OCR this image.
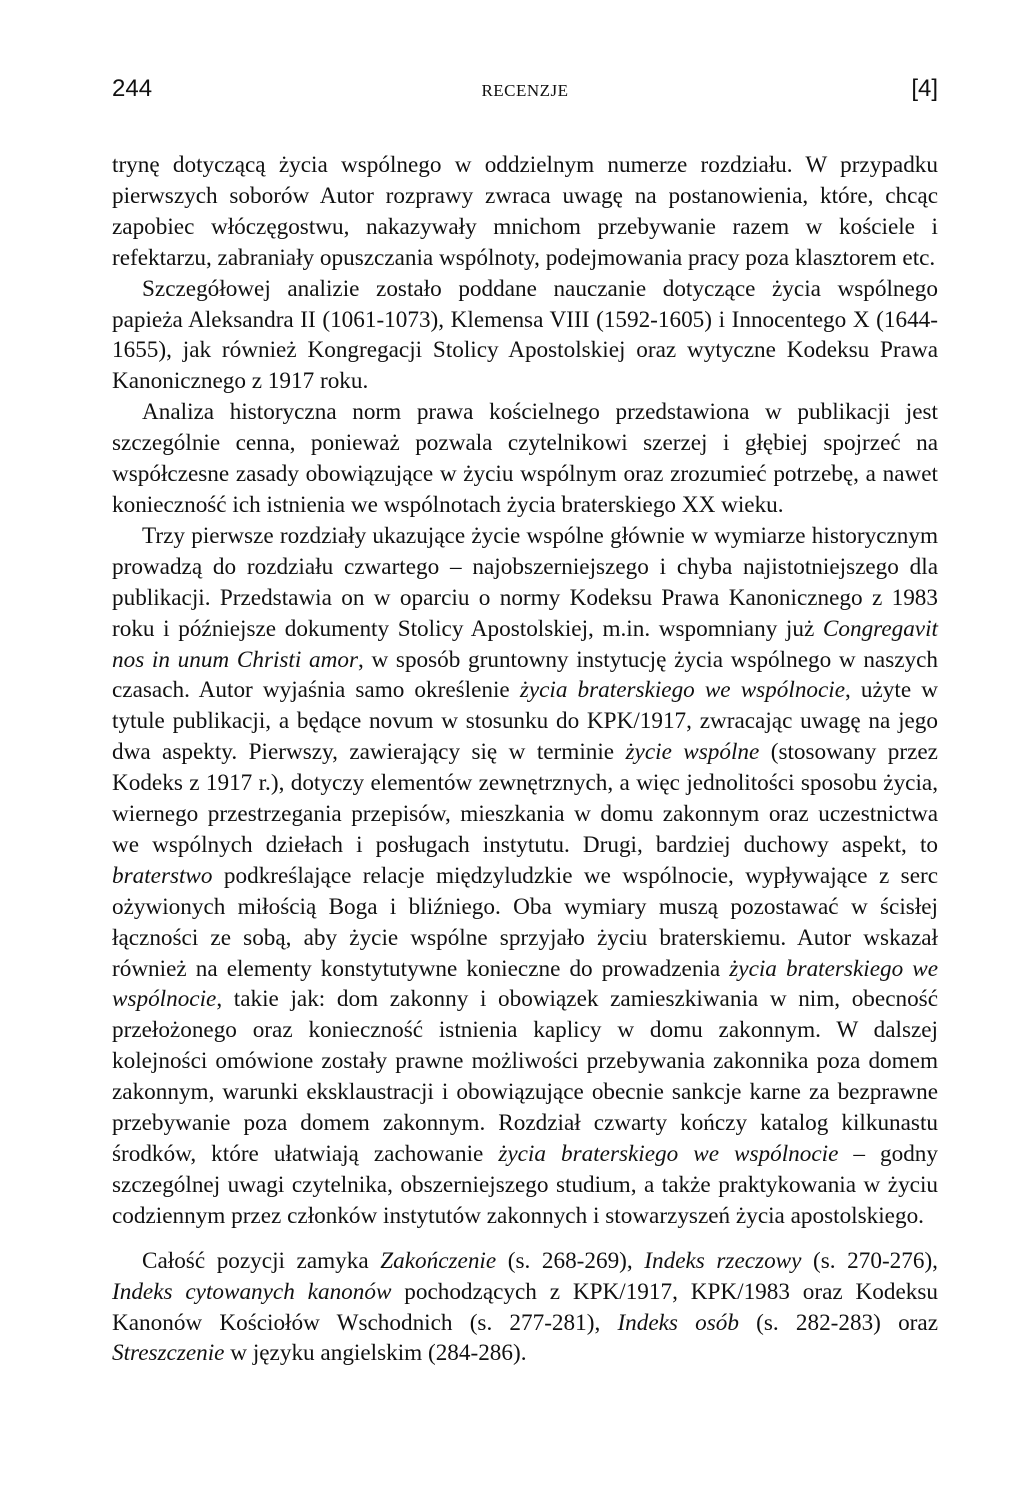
244	RECENZJE	[4]

trynę dotyczącą życia wspólnego w oddzielnym numerze rozdziału. W przypadku pierwszych soborów Autor rozprawy zwraca uwagę na postanowienia, które, chcąc zapobiec włóczęgostwu, nakazywały mnichom przebywanie razem w kościele i refektarzu, zabraniały opuszczania wspólnoty, podejmowania pracy poza klasztorem etc.

Szczegółowej analizie zostało poddane nauczanie dotyczące życia wspólnego papieża Aleksandra II (1061-1073), Klemensa VIII (1592-1605) i Innocentego X (1644-1655), jak również Kongregacji Stolicy Apostolskiej oraz wytyczne Kodeksu Prawa Kanonicznego z 1917 roku.

Analiza historyczna norm prawa kościelnego przedstawiona w publikacji jest szczególnie cenna, ponieważ pozwala czytelnikowi szerzej i głębiej spojrzeć na współczesne zasady obowiązujące w życiu wspólnym oraz zrozumieć potrzebę, a nawet konieczność ich istnienia we wspólnotach życia braterskiego XX wieku.

Trzy pierwsze rozdziały ukazujące życie wspólne głównie w wymiarze historycznym prowadzą do rozdziału czwartego – najobszerniejszego i chyba najistotniejszego dla publikacji. Przedstawia on w oparciu o normy Kodeksu Prawa Kanonicznego z 1983 roku i późniejsze dokumenty Stolicy Apostolskiej, m.in. wspomniany już Congregavit nos in unum Christi amor, w sposób gruntowny instytucję życia wspólnego w naszych czasach. Autor wyjaśnia samo określenie życia braterskiego we wspólnocie, użyte w tytule publikacji, a będące novum w stosunku do KPK/1917, zwracając uwagę na jego dwa aspekty. Pierwszy, zawierający się w terminie życie wspólne (stosowany przez Kodeks z 1917 r.), dotyczy elementów zewnętrznych, a więc jednolitości sposobu życia, wiernego przestrzegania przepisów, mieszkania w domu zakonnym oraz uczestnictwa we wspólnych dziełach i posługach instytutu. Drugi, bardziej duchowy aspekt, to braterstwo podkreślające relacje międzyludzkie we wspólnocie, wypływające z serc ożywionych miłością Boga i bliźniego. Oba wymiary muszą pozostawać w ścisłej łączności ze sobą, aby życie wspólne sprzyjało życiu braterskiemu. Autor wskazał również na elementy konstytutywne konieczne do prowadzenia życia braterskiego we wspólnocie, takie jak: dom zakonny i obowiązek zamieszkiwania w nim, obecność przełożonego oraz konieczność istnienia kaplicy w domu zakonnym. W dalszej kolejności omówione zostały prawne możliwości przebywania zakonnika poza domem zakonnym, warunki eksklaustracji i obowiązujące obecnie sankcje karne za bezprawne przebywanie poza domem zakonnym. Rozdział czwarty kończy katalog kilkunastu środków, które ułatwiają zachowanie życia braterskiego we wspólnocie – godny szczególnej uwagi czytelnika, obszerniejszego studium, a także praktykowania w życiu codziennym przez członków instytutów zakonnych i stowarzyszeń życia apostolskiego.

Całość pozycji zamyka Zakończenie (s. 268-269), Indeks rzeczowy (s. 270-276), Indeks cytowanych kanonów pochodzących z KPK/1917, KPK/1983 oraz Kodeksu Kanonów Kościołów Wschodnich (s. 277-281), Indeks osób (s. 282-283) oraz Streszczenie w języku angielskim (284-286).
